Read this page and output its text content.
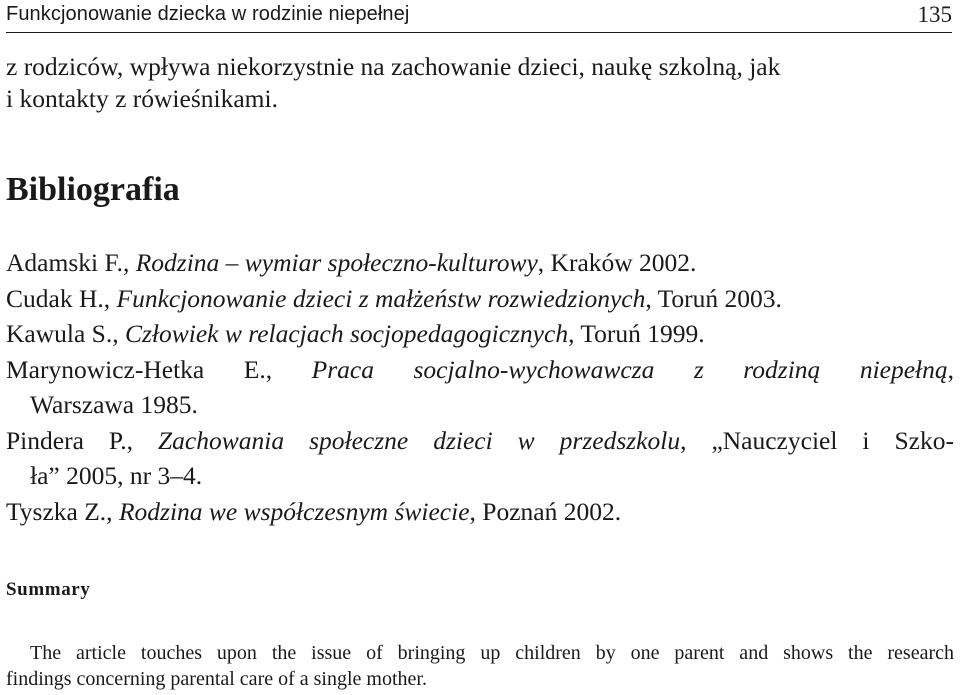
Funkcjonowanie dziecka w rodzinie niepełnej	135
z rodziców, wpływa niekorzystnie na zachowanie dzieci, naukę szkolną, jak
i kontakty z rówieśnikami.
Bibliografia
Adamski F., Rodzina – wymiar społeczno-kulturowy, Kraków 2002.
Cudak H., Funkcjonowanie dzieci z małżeństw rozwiedzionych, Toruń 2003.
Kawula S., Człowiek w relacjach socjopedagogicznych, Toruń 1999.
Marynowicz-Hetka E., Praca socjalno-wychowawcza z rodziną niepełną,
Warszawa 1985.
Pindera P., Zachowania społeczne dzieci w przedszkolu, „Nauczyciel i Szko-
ła” 2005, nr 3–4.
Tyszka Z., Rodzina we współczesnym świecie, Poznań 2002.
Summary
The article touches upon the issue of bringing up children by one parent and shows the research
findings concerning parental care of a single mother.
